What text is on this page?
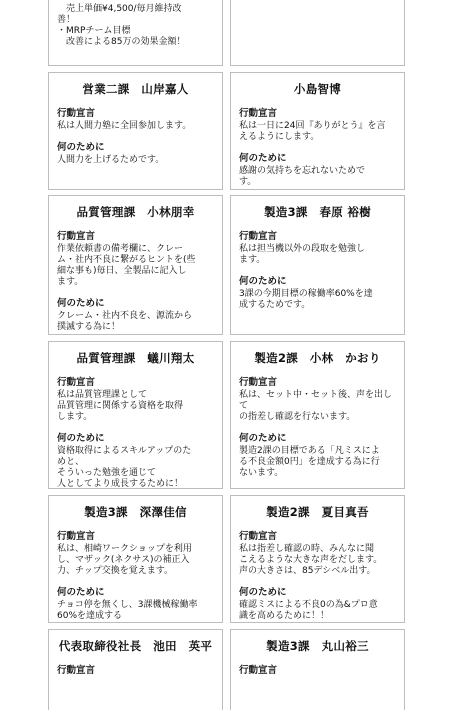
　売上単価¥4,500/毎月維持改
善！
・MRPチーム目標
　改善による85万の効果金額！
営業二課　山岸嘉人
行動宣言
私は人間力塾に全回参加します。
何のために
人間力を上げるためです。
小島智博
行動宣言
私は一日に24回『ありがとう』を言
えるようにします。
何のために
感謝の気持ちを忘れないためで
す。
品質管理課　小林朋幸
行動宣言
作業依頼書の備考欄に、クレー
ム・社内不良に繋がるヒントを(些
細な事も)毎日、全製品に記入し
ます。
何のために
クレーム・社内不良を、源流から
撲滅する為に！
製造3課　春原 裕樹
行動宣言
私は担当機以外の段取を勉強し
ます。
何のために
3課の今期目標の稼働率60%を達
成するためです。
品質管理課　蟻川翔太
行動宣言
私は品質管理課として
品質管理に関係する資格を取得
します。
何のために
資格取得によるスキルアップのた
めと、
そういった勉強を通じて
人としてより成長するために！
製造2課　小林　かおり
行動宣言
私は、セット中・セット後、声を出して
の指差し確認を行ないます。
何のために
製造2課の目標である「凡ミスによ
る不良金額0円」を達成する為に行
ないます。
製造3課　深澤佳信
行動宣言
私は、相崎ワークショップを利用
し、マザック(ネクサス)の補正入
力、チップ交換を覚えます。
何のために
チョコ停を無くし、3課機械稼働率
60%を達成する
製造2課　夏目真吾
行動宣言
私は指差し確認の時、みんなに聞
こえるような大きな声をだします。
声の大きさは、85デシベル出す。
何のために
確認ミスによる不良0の為&プロ意
識を高めるために！！
代表取締役社長　池田　英平
行動宣言
製造3課　丸山裕三
行動宣言
